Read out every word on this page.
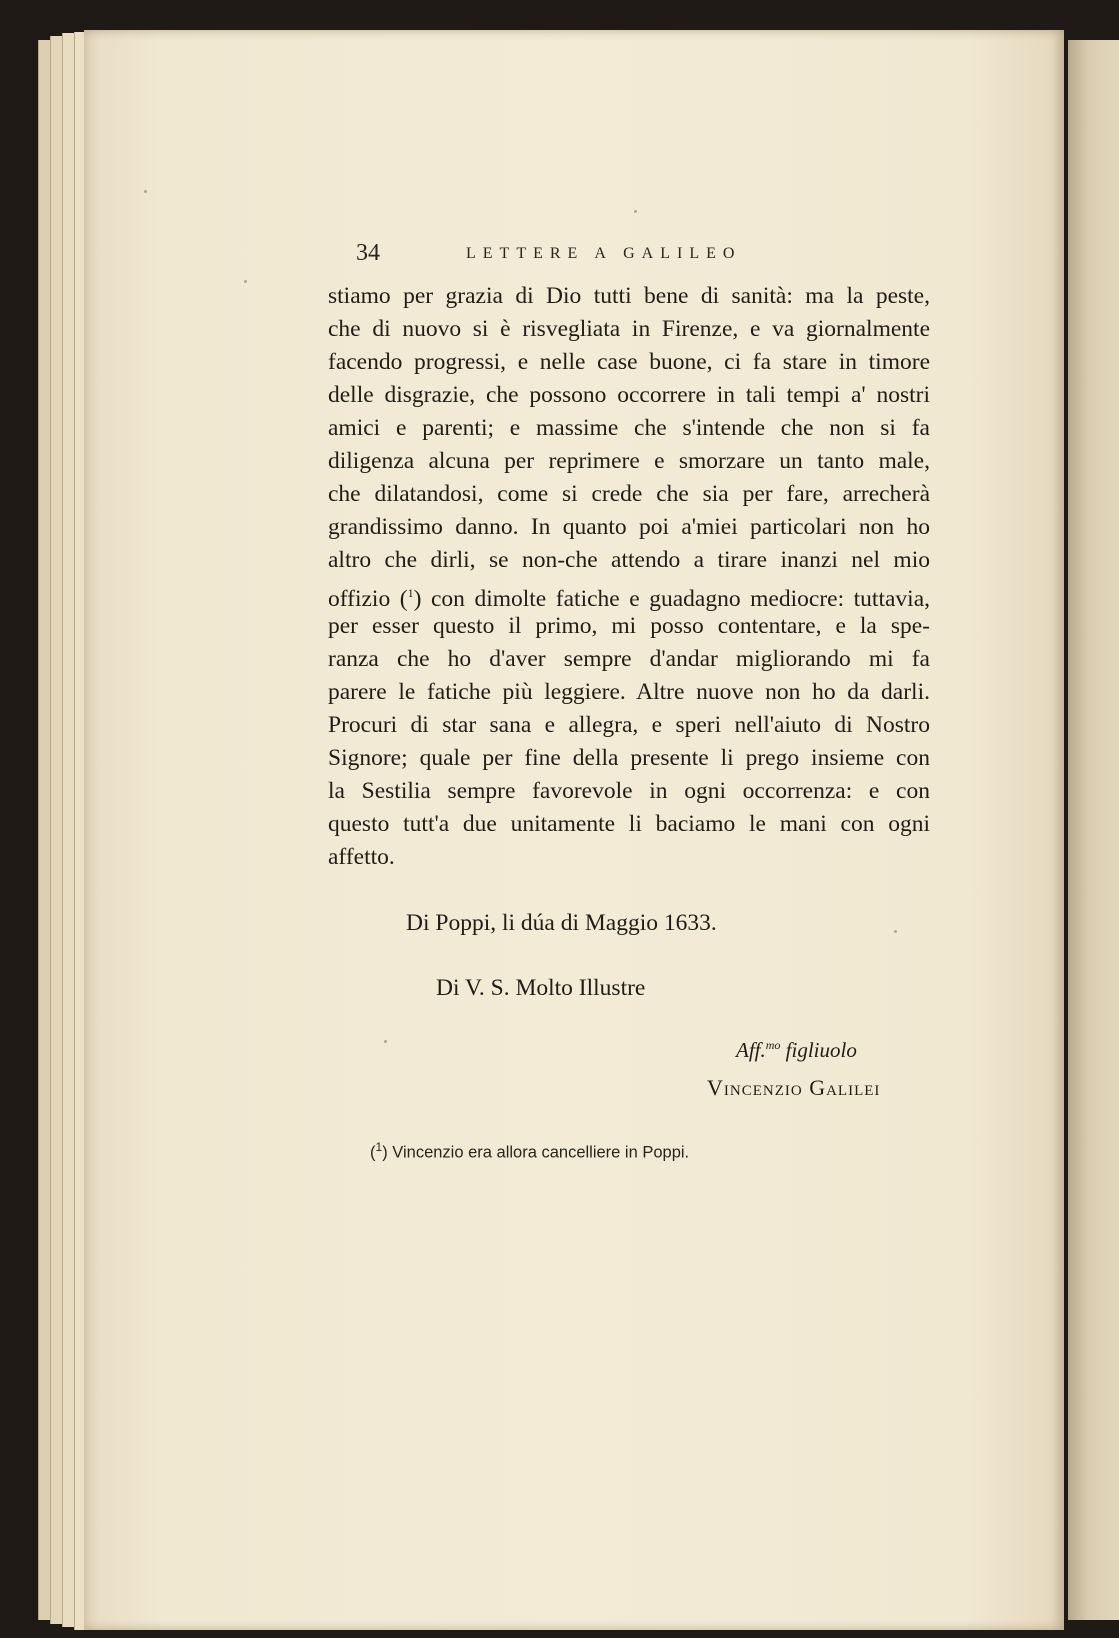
34	LETTERE A GALILEO
stiamo per grazia di Dio tutti bene di sanità: ma la peste,
che di nuovo si è risvegliata in Firenze, e va giornalmente
facendo progressi, e nelle case buone, ci fa stare in timore
delle disgrazie, che possono occorrere in tali tempi a' nostri
amici e parenti; e massime che s'intende che non si fa
diligenza alcuna per reprimere e smorzare un tanto male,
che dilatandosi, come si crede che sia per fare, arrecherà
grandissimo danno. In quanto poi a'miei particolari non ho
altro che dirli, se non-che attendo a tirare inanzi nel mio
offizio ($^1$) con dimolte fatiche e guadagno mediocre: tuttavia,
per esser questo il primo, mi posso contentare, e la spe-
ranza che ho d'aver sempre d'andar migliorando mi fa
parere le fatiche più leggiere. Altre nuove non ho da darli.
Procuri di star sana e allegra, e speri nell'aiuto di Nostro
Signore; quale per fine della presente li prego insieme con
la Sestilia sempre favorevole in ogni occorrenza: e con
questo tutt'a due unitamente li baciamo le mani con ogni
affetto.
Di Poppi, li dúa di Maggio 1633.
Di V. S. Molto Illustre
Aff.$^{mo}$ figliuolo
Vincenzio Galilei
($^1$) Vincenzio era allora cancelliere in Poppi.
